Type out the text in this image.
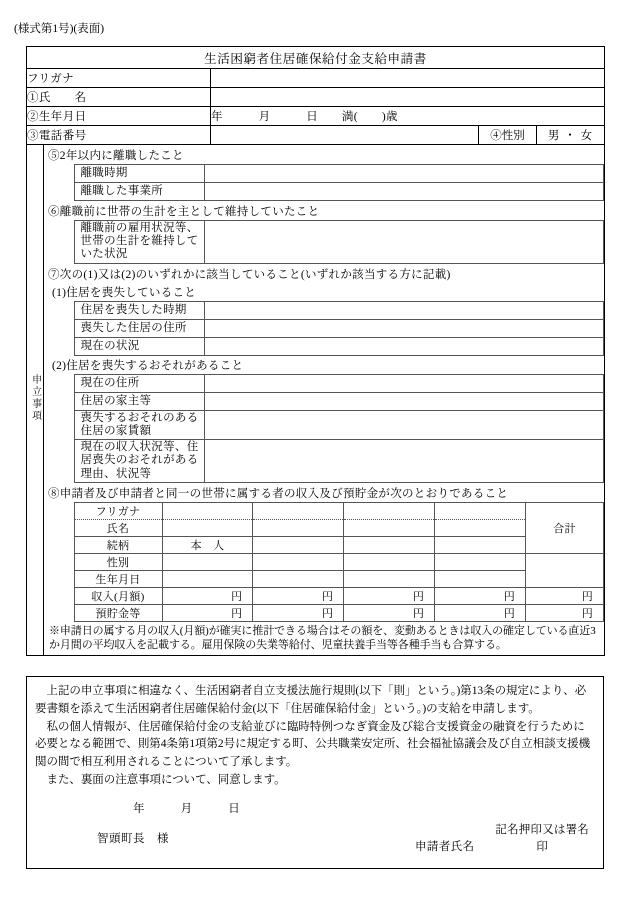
(様式第1号)(表面)
生活困窮者住居確保給付金支給申請書
フリガナ	
①氏　　名	
②生年月日	年　　　月　　　日　　満(　　)歳
③電話番号		④性別	男 ・ 女
申立事項	
⑤2年以内に離職したこと
	離職時期	
	離職した事業所	
⑥離職前に世帯の生計を主として維持していたこと
	離職前の雇用状況等、世帯の生計を維持していた状況	
⑦次の(1)又は(2)のいずれかに該当していること(いずれか該当する方に記載)
(1)住居を喪失していること
	住居を喪失した時期	
	喪失した住居の住所	
	現在の状況	
(2)住居を喪失するおそれがあること
	現在の住所	
	住居の家主等	
	喪失するおそれのある住居の家賃額	
	現在の収入状況等、住居喪失のおそれがある理由、状況等	
⑧申請者及び申請者と同一の世帯に属する者の収入及び預貯金が次のとおりであること
	フリガナ					合計
	氏名				
	続柄	本　人			
	性別					
	生年月日				
	収入(月額)	円	円	円	円	円
	預貯金等	円	円	円	円	円
※申請日の属する月の収入(月額)が確実に推計できる場合はその額を、変動あるときは収入の確定している直近3か月間の平均収入を記載する。雇用保険の失業等給付、児童扶養手当等各種手当も合算する。

上記の申立事項に相違なく、生活困窮者自立支援法施行規則(以下「則」という。)第13条の規定により、必要書類を添えて生活困窮者住居確保給付金(以下「住居確保給付金」という。)の支給を申請します。

私の個人情報が、住居確保給付金の支給並びに臨時特例つなぎ資金及び総合支援資金の融資を行うために必要となる範囲で、則第4条第1項第2号に規定する町、公共職業安定所、社会福祉協議会及び自立相談支援機関の間で相互利用されることについて了承します。

また、裏面の注意事項について、同意します。

年　　　月　　　日
智頭町長　様
申請者氏名
記名押印又は署名
印
